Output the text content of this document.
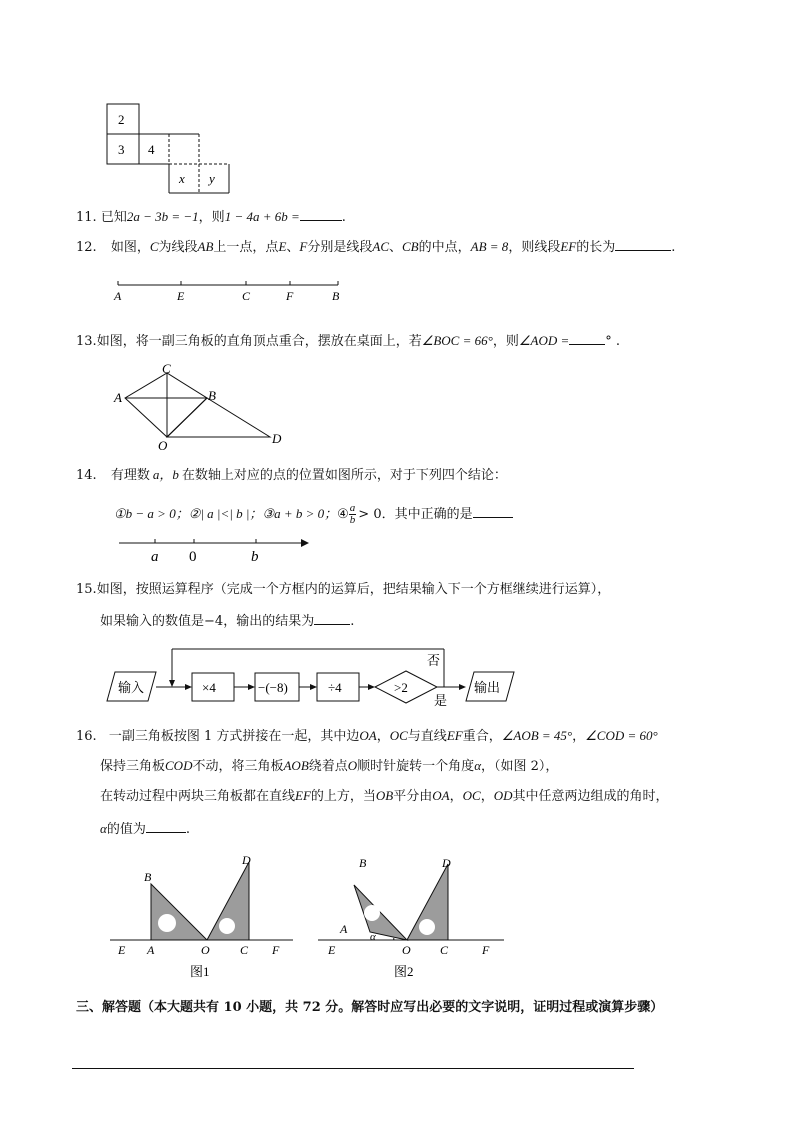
2
3 4
x y
11. 已知2a − 3b = −1，则1 − 4a + 6b =	.
12. 如图，C为线段AB上一点，点E、F分别是线段AC、CB的中点，AB = 8，则线段EF的长为	.
A	E	C	F	B
13.如图，将一副三角板的直角顶点重合，摆放在桌面上，若∠BOC = 66°，则∠AOD =	° .
C
A	B
O	D
14. 有理数 a，b 在数轴上对应的点的位置如图所示，对于下列四个结论：
①b − a > 0；②| a |<| b |；③a + b > 0；④ $\frac{a}{b} > 0$．其中正确的是
a 0	b
15.如图，按照运算程序（完成一个方框内的运算后，把结果输入下一个方框继续进行运算），
如果输入的数值是−4，输出的结果为	.
输入	×4	−(−8)	÷4	>2
否
是
输出
16. 一副三角板按图 1 方式拼接在一起，其中边OA，OC与直线EF重合，∠AOB = 45°，∠COD = 60°
保持三角板COD不动，将三角板AOB绕着点O顺时针旋转一个角度α，（如图 2），
在转动过程中两块三角板都在直线EF的上方，当OB平分由OA，OC，OD其中任意两边组成的角时，
α的值为	.
B
D
E A	O	C F
图1
B	D
A
α
E	O C	F
图2
三、解答题（本大题共有 10 小题，共 72 分。解答时应写出必要的文字说明，证明过程或演算步骤）
